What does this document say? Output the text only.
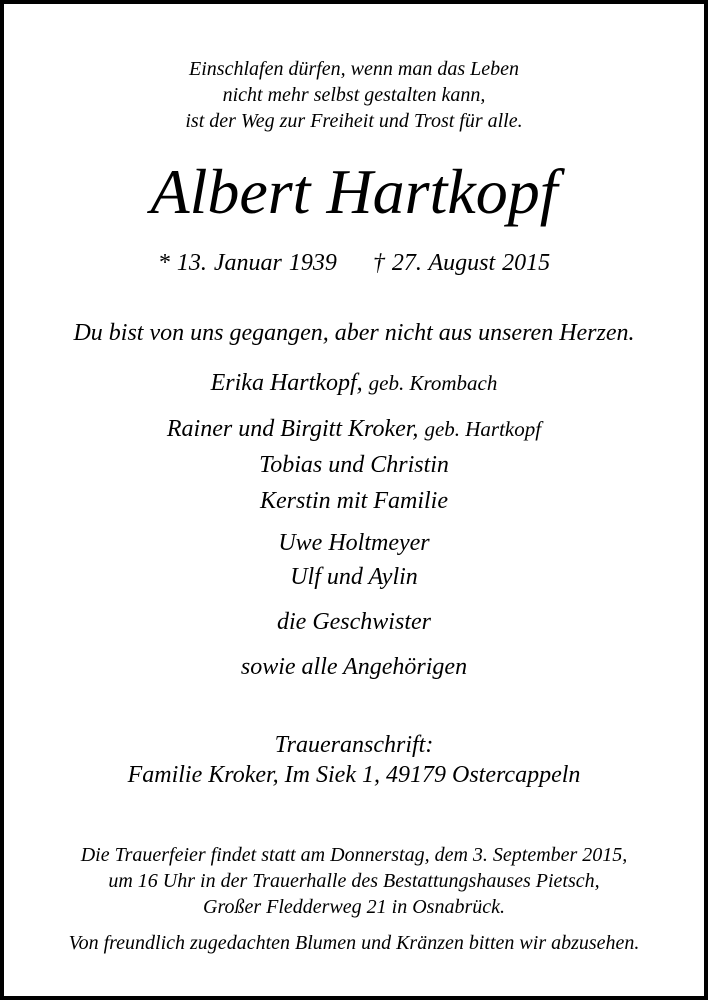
Einschlafen dürfen, wenn man das Leben
nicht mehr selbst gestalten kann,
ist der Weg zur Freiheit und Trost für alle.
Albert Hartkopf
* 13. Januar 1939 † 27. August 2015
Du bist von uns gegangen, aber nicht aus unseren Herzen.
Erika Hartkopf, geb. Krombach
Rainer und Birgitt Kroker, geb. Hartkopf
Tobias und Christin
Kerstin mit Familie
Uwe Holtmeyer
Ulf und Aylin
die Geschwister
sowie alle Angehörigen
Traueranschrift:
Familie Kroker, Im Siek 1, 49179 Ostercappeln
Die Trauerfeier findet statt am Donnerstag, dem 3. September 2015,
um 16 Uhr in der Trauerhalle des Bestattungshauses Pietsch,
Großer Fledderweg 21 in Osnabrück.
Von freundlich zugedachten Blumen und Kränzen bitten wir abzusehen.
